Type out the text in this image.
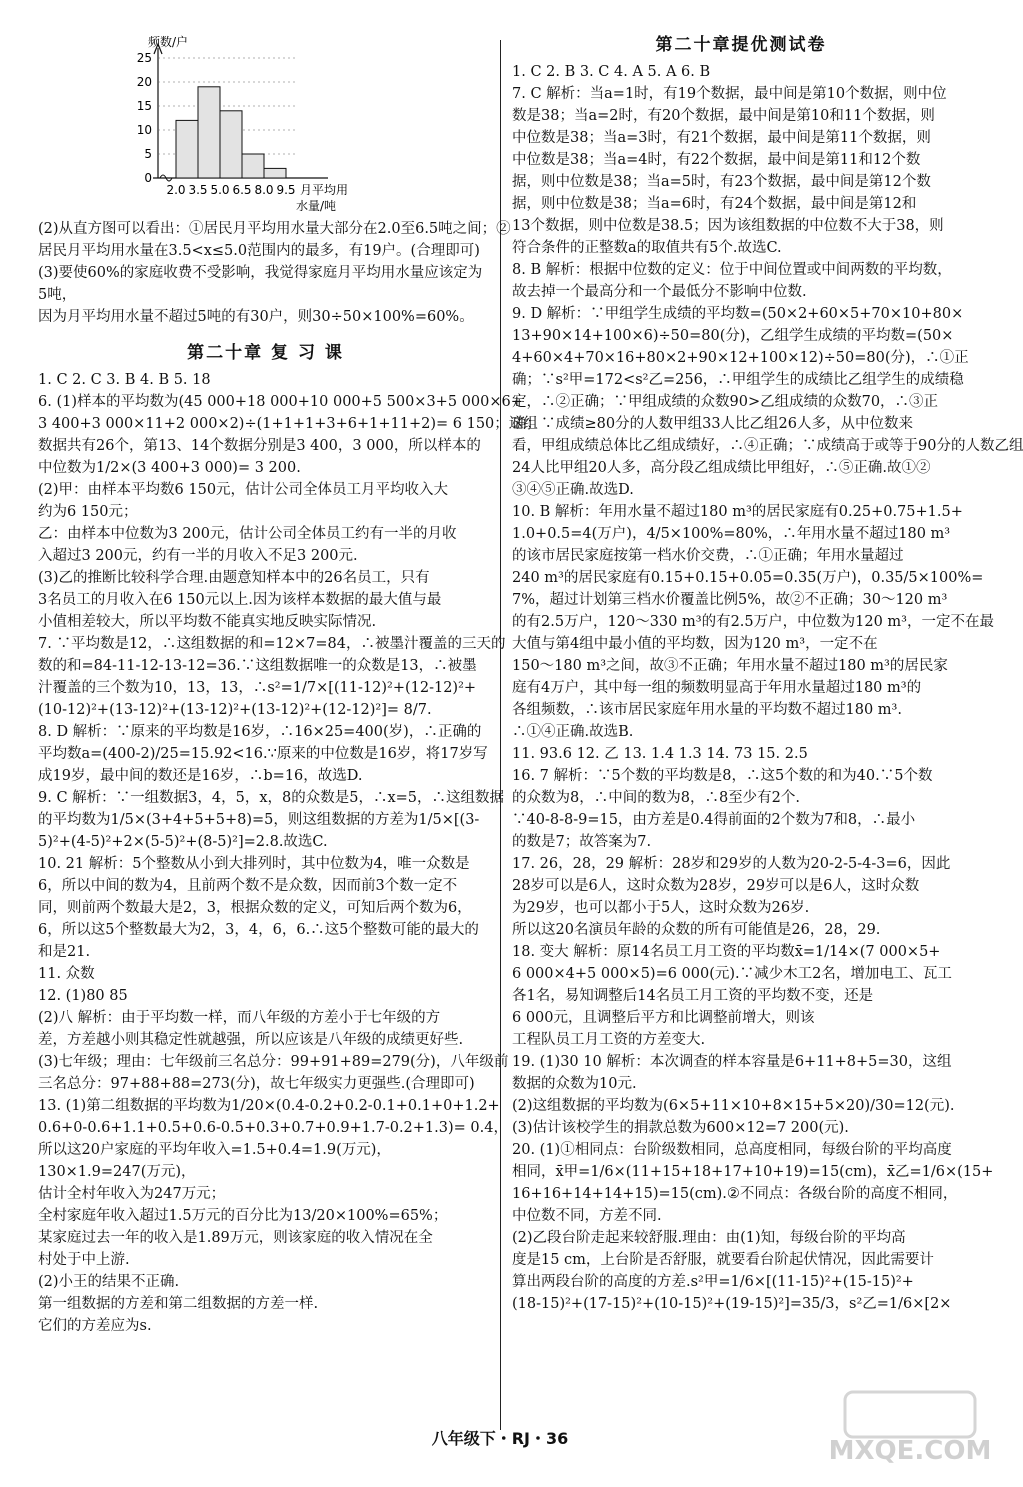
5
10
15
20
25
0
频数/户
2.0 3.5 5.0 6.5 8.0 9.5 月平均用
水量/吨
(2)从直方图可以看出：①居民月平均用水量大部分在2.0至6.5吨之间；②
居民月平均用水量在3.5<x≤5.0范围内的最多，有19户。(合理即可)
(3)要使60%的家庭收费不受影响，我觉得家庭月平均用水量应该定为
5吨，
因为月平均用水量不超过5吨的有30户，则30÷50×100%=60%。
第二十章 复 习 课
1. C 2. C 3. B 4. B 5. 18
6. (1)样本的平均数为(45 000+18 000+10 000+5 500×3+5 000×6+
3 400+3 000×11+2 000×2)÷(1+1+1+3+6+1+11+2)= 6 150；这组
数据共有26个，第13、14个数据分别是3 400，3 000，所以样本的
中位数为1/2×(3 400+3 000)= 3 200.
(2)甲：由样本平均数6 150元，估计公司全体员工月平均收入大
约为6 150元；
乙：由样本中位数为3 200元，估计公司全体员工约有一半的月收
入超过3 200元，约有一半的月收入不足3 200元.
(3)乙的推断比较科学合理.由题意知样本中的26名员工，只有
3名员工的月收入在6 150元以上.因为该样本数据的最大值与最
小值相差较大，所以平均数不能真实地反映实际情况.
7. ∵平均数是12，∴这组数据的和=12×7=84，∴被墨汁覆盖的三天的
数的和=84-11-12-13-12=36.∵这组数据唯一的众数是13，∴被墨
汁覆盖的三个数为10，13，13，∴s²=1/7×[(11-12)²+(12-12)²+
(10-12)²+(13-12)²+(13-12)²+(13-12)²+(12-12)²]= 8/7.
8. D 解析：∵原来的平均数是16岁，∴16×25=400(岁)，∴正确的
平均数a=(400-2)/25=15.92<16.∵原来的中位数是16岁，将17岁写
成19岁，最中间的数还是16岁，∴b=16，故选D.
9. C 解析：∵一组数据3，4，5，x，8的众数是5，∴x=5，∴这组数据
的平均数为1/5×(3+4+5+5+8)=5，则这组数据的方差为1/5×[(3-
5)²+(4-5)²+2×(5-5)²+(8-5)²]=2.8.故选C.
10. 21 解析：5个整数从小到大排列时，其中位数为4，唯一众数是
6，所以中间的数为4，且前两个数不是众数，因而前3个数一定不
同，则前两个数最大是2，3，根据众数的定义，可知后两个数为6，
6，所以这5个整数最大为2，3，4，6，6.∴这5个整数可能的最大的
和是21.
11. 众数
12. (1)80 85
(2)八 解析：由于平均数一样，而八年级的方差小于七年级的方
差，方差越小则其稳定性就越强，所以应该是八年级的成绩更好些.
(3)七年级；理由：七年级前三名总分：99+91+89=279(分)，八年级前
三名总分：97+88+88=273(分)，故七年级实力更强些.(合理即可)
13. (1)第二组数据的平均数为1/20×(0.4-0.2+0.2-0.1+0.1+0+1.2+
0.6+0-0.6+1.1+0.5+0.6-0.5+0.3+0.7+0.9+1.7-0.2+1.3)= 0.4，
所以这20户家庭的平均年收入=1.5+0.4=1.9(万元)，
130×1.9=247(万元)，
估计全村年收入为247万元；
全村家庭年收入超过1.5万元的百分比为13/20×100%=65%；
某家庭过去一年的收入是1.89万元，则该家庭的收入情况在全
村处于中上游.
(2)小王的结果不正确.
第一组数据的方差和第二组数据的方差一样.
它们的方差应为s.
第二十章提优测试卷
1. C 2. B 3. C 4. A 5. A 6. B
7. C 解析：当a=1时，有19个数据，最中间是第10个数据，则中位
数是38；当a=2时，有20个数据，最中间是第10和11个数据，则
中位数是38；当a=3时，有21个数据，最中间是第11个数据，则
中位数是38；当a=4时，有22个数据，最中间是第11和12个数
据，则中位数是38；当a=5时，有23个数据，最中间是第12个数
据，则中位数是38；当a=6时，有24个数据，最中间是第12和
13个数据，则中位数是38.5；因为该组数据的中位数不大于38，则
符合条件的正整数a的取值共有5个.故选C.
8. B 解析：根据中位数的定义：位于中间位置或中间两数的平均数，
故去掉一个最高分和一个最低分不影响中位数.
9. D 解析：∵甲组学生成绩的平均数=(50×2+60×5+70×10+80×
13+90×14+100×6)÷50=80(分)，乙组学生成绩的平均数=(50×
4+60×4+70×16+80×2+90×12+100×12)÷50=80(分)，∴①正
确；∵s²甲=172<s²乙=256，∴甲组学生的成绩比乙组学生的成绩稳
定，∴②正确；∵甲组成绩的众数90>乙组成绩的众数70，∴③正
确；∵成绩≥80分的人数甲组33人比乙组26人多，从中位数来
看，甲组成绩总体比乙组成绩好，∴④正确；∵成绩高于或等于90分的人数乙组
24人比甲组20人多，高分段乙组成绩比甲组好，∴⑤正确.故①②
③④⑤正确.故选D.
10. B 解析：年用水量不超过180 m³的居民家庭有0.25+0.75+1.5+
1.0+0.5=4(万户)，4/5×100%=80%，∴年用水量不超过180 m³
的该市居民家庭按第一档水价交费，∴①正确；年用水量超过
240 m³的居民家庭有0.15+0.15+0.05=0.35(万户)，0.35/5×100%=
7%，超过计划第三档水价覆盖比例5%，故②不正确；30～120 m³
的有2.5万户，120～330 m³的有2.5万户，中位数为120 m³，一定不在最
大值与第4组中最小值的平均数，因为120 m³，一定不在
150～180 m³之间，故③不正确；年用水量不超过180 m³的居民家
庭有4万户，其中每一组的频数明显高于年用水量超过180 m³的
各组频数，∴该市居民家庭年用水量的平均数不超过180 m³.
∴①④正确.故选B.
11. 93.6 12. 乙 13. 1.4 1.3 14. 73 15. 2.5
16. 7 解析：∵5个数的平均数是8，∴这5个数的和为40.∵5个数
的众数为8，∴中间的数为8，∴8至少有2个.
∵40-8-8-9=15，由方差是0.4得前面的2个数为7和8，∴最小
的数是7；故答案为7.
17. 26，28，29 解析：28岁和29岁的人数为20-2-5-4-3=6，因此
28岁可以是6人，这时众数为28岁，29岁可以是6人，这时众数
为29岁，也可以都小于5人，这时众数为26岁.
所以这20名演员年龄的众数的所有可能值是26，28，29.
18. 变大 解析：原14名员工月工资的平均数x̄=1/14×(7 000×5+
6 000×4+5 000×5)=6 000(元).∵减少木工2名，增加电工、瓦工
各1名，易知调整后14名员工月工资的平均数不变，还是
6 000元，且调整后平方和比调整前增大，则该
工程队员工月工资的方差变大.
19. (1)30 10 解析：本次调查的样本容量是6+11+8+5=30，这组
数据的众数为10元.
(2)这组数据的平均数为(6×5+11×10+8×15+5×20)/30=12(元).
(3)估计该校学生的捐款总数为600×12=7 200(元).
20. (1)①相同点：台阶级数相同，总高度相同，每级台阶的平均高度
相同，x̄甲=1/6×(11+15+18+17+10+19)=15(cm)，x̄乙=1/6×(15+
16+16+14+14+15)=15(cm).②不同点：各级台阶的高度不相同，
中位数不同，方差不同.
(2)乙段台阶走起来较舒服.理由：由(1)知，每级台阶的平均高
度是15 cm，上台阶是否舒服，就要看台阶起伏情况，因此需要计
算出两段台阶的高度的方差.s²甲=1/6×[(11-15)²+(15-15)²+
(18-15)²+(17-15)²+(10-15)²+(19-15)²]=35/3，s²乙=1/6×[2×
八年级下・RJ・36	MXQE.COM
